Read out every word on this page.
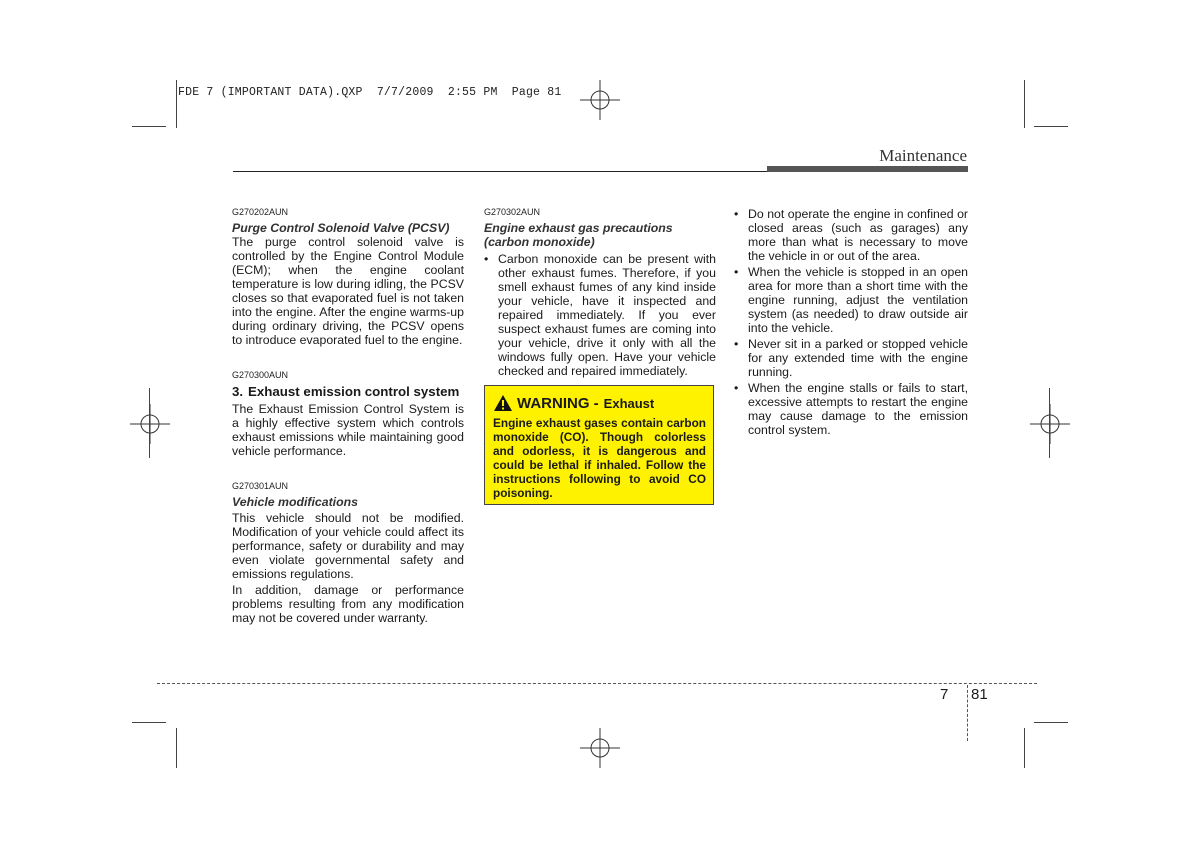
FDE 7 (IMPORTANT DATA).QXP  7/7/2009  2:55 PM  Page 81
Maintenance

G270202AUN

Purge Control Solenoid Valve (PCSV)

The purge control solenoid valve is controlled by the Engine Control Module (ECM); when the engine coolant temperature is low during idling, the PCSV closes so that evaporated fuel is not taken into the engine. After the engine warms-up during ordinary driving, the PCSV opens to introduce evaporated fuel to the engine.

G270300AUN

3. Exhaust emission control system

The Exhaust Emission Control System is a highly effective system which controls exhaust emissions while maintaining good vehicle performance.

G270301AUN

Vehicle modifications

This vehicle should not be modified. Modification of your vehicle could affect its performance, safety or durability and may even violate governmental safety and emissions regulations.

In addition, damage or performance problems resulting from any modification may not be covered under warranty.

G270302AUN

Engine exhaust gas precautions (carbon monoxide)

• Carbon monoxide can be present with other exhaust fumes. Therefore, if you smell exhaust fumes of any kind inside your vehicle, have it inspected and repaired immediately. If you ever suspect exhaust fumes are coming into your vehicle, drive it only with all the windows fully open. Have your vehicle checked and repaired immediately.
WARNING - Exhaust

Engine exhaust gases contain carbon monoxide (CO). Though colorless and odorless, it is dangerous and could be lethal if inhaled. Follow the instructions following to avoid CO poisoning.

• Do not operate the engine in confined or closed areas (such as garages) any more than what is necessary to move the vehicle in or out of the area.
• When the vehicle is stopped in an open area for more than a short time with the engine running, adjust the ventilation system (as needed) to draw outside air into the vehicle.
• Never sit in a parked or stopped vehicle for any extended time with the engine running.
• When the engine stalls or fails to start, excessive attempts to restart the engine may cause damage to the emission control system.
7 81
